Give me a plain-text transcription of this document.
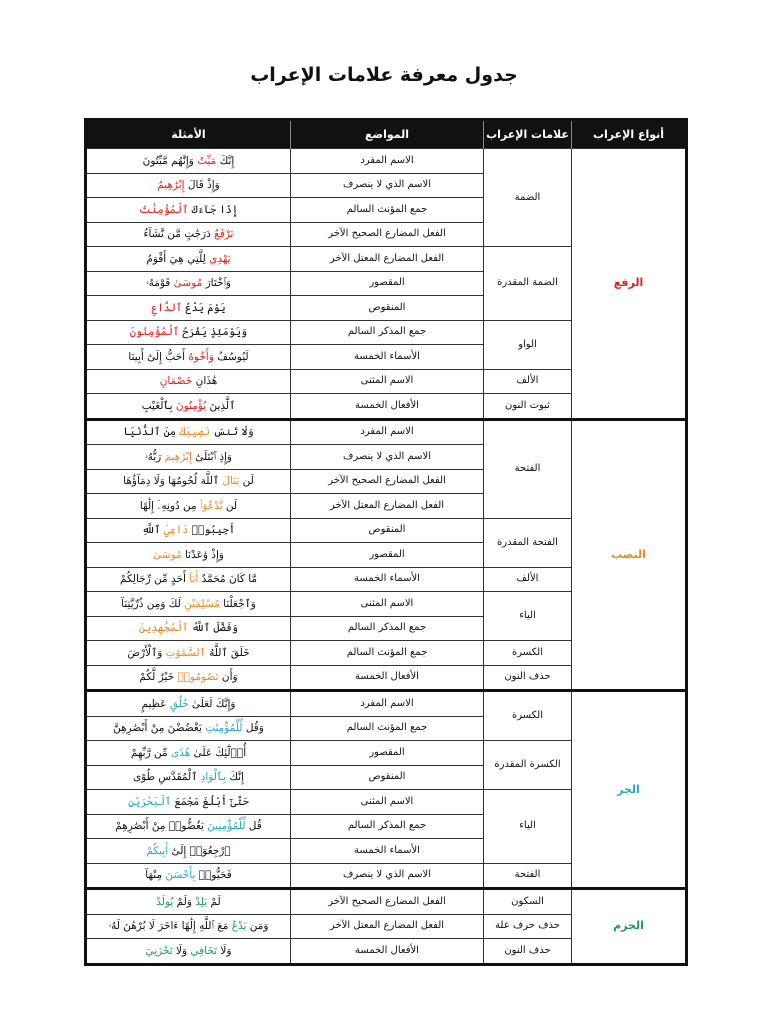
جدول معرفة علامات الإعراب
أنواع الإعراب	علامات الإعراب	المواضع	الأمثلة
الرفع	الضمة	الاسم المفرد	إِنَّكَ مَيِّتٌ وَإِنَّهُم مَّيِّتُونَ
		الاسم الذي لا ينصرف	وَإِذْ قَالَ إِبْرَٰهِيمُ
		جمع المؤنث السالم	إِذَا جَآءَكَ ٱلْمُؤْمِنَٰتُ
		الفعل المضارع الصحيح الآخر	نَرْفَعُ دَرَجَٰتٍ مَّن نَّشَآءُ
	الضمة المقدرة	الفعل المضارع المعتل الآخر	يَهْدِي لِلَّتِي هِيَ أَقْوَمُ
		المقصور	وَٱخْتَارَ مُوسَىٰ قَوْمَهُۥ
		المنقوص	يَوْمَ يَدْعُ ٱلدَّاعِ
	الواو	جمع المذكر السالم	وَيَوْمَئِذٍ يَفْرَحُ ٱلْمُؤْمِنُونَ
		الأسماء الخمسة	لَيُوسُفُ وَأَخُوهُ أَحَبُّ إِلَىٰٓ أَبِينَا
	الألف	الاسم المثنى	هَٰذَانِ خَصْمَانِ
	ثبوت النون	الأفعال الخمسة	ٱلَّذِينَ يُؤْمِنُونَ بِٱلْغَيْبِ
النصب	الفتحة	الاسم المفرد	وَلَا تَنسَ نَصِيبَكَ مِنَ ٱلدُّنْيَا
		الاسم الذي لا ينصرف	وَإِذِ ٱبْتَلَىٰٓ إِبْرَٰهِيمَ رَبُّهُۥ
		الفعل المضارع الصحيح الآخر	لَن يَنَالَ ٱللَّهَ لُحُومُهَا وَلَا دِمَآؤُهَا
		الفعل المضارع المعتل الآخر	لَن نَّدْعُوَا۟ مِن دُونِهِۦٓ إِلَٰهًا
	الفتحة المقدرة	المنقوص	أَجِيبُوا۟ دَاعِيَ ٱللَّهِ
		المقصور	وَإِذْ وَٰعَدْنَا مُوسَىٰ
	الألف	الأسماء الخمسة	مَّا كَانَ مُحَمَّدٌ أَبَآ أَحَدٍ مِّن رِّجَالِكُمْ
	الياء	الاسم المثنى	وَٱجْعَلْنَا مُسْلِمَيْنِ لَكَ وَمِن ذُرِّيَّتِنَآ
		جمع المذكر السالم	وَفَضَّلَ ٱللَّهُ ٱلْمُجَٰهِدِينَ
	الكسرة	جمع المؤنث السالم	خَلَقَ ٱللَّهُ ٱلسَّمَٰوَٰتِ وَٱلْأَرْضَ
	حذف النون	الأفعال الخمسة	وَأَن تَصُومُوا۟ خَيْرٌ لَّكُمْ
الجر	الكسرة	الاسم المفرد	وَإِنَّكَ لَعَلَىٰ خُلُقٍ عَظِيمٍ
		جمع المؤنث السالم	وَقُل لِّلْمُؤْمِنَٰتِ يَغْضُضْنَ مِنْ أَبْصَٰرِهِنَّ
	الكسرة المقدرة	المقصور	أُو۟لَٰٓئِكَ عَلَىٰ هُدًى مِّن رَّبِّهِمْ
		المنقوص	إِنَّكَ بِٱلْوَادِ ٱلْمُقَدَّسِ طُوًى
	الياء	الاسم المثنى	حَتَّىٰٓ أَبْلُغَ مَجْمَعَ ٱلْبَحْرَيْنِ
		جمع المذكر السالم	قُل لِّلْمُؤْمِنِينَ يَغُضُّوا۟ مِنْ أَبْصَٰرِهِمْ
		الأسماء الخمسة	ٱرْجِعُوٓا۟ إِلَىٰٓ أَبِيكُمْ
	الفتحة	الاسم الذي لا ينصرف	فَحَيُّوا۟ بِأَحْسَنَ مِنْهَآ
الجزم	السكون	الفعل المضارع الصحيح الآخر	لَمْ يَلِدْ وَلَمْ يُولَدْ
	حذف حرف علة	الفعل المضارع المعتل الآخر	وَمَن يَدْعُ مَعَ ٱللَّهِ إِلَٰهًا ءَاخَرَ لَا بُرْهَٰنَ لَهُۥ
	حذف النون	الأفعال الخمسة	وَلَا تَخَافِي وَلَا تَحْزَنِيٓ
